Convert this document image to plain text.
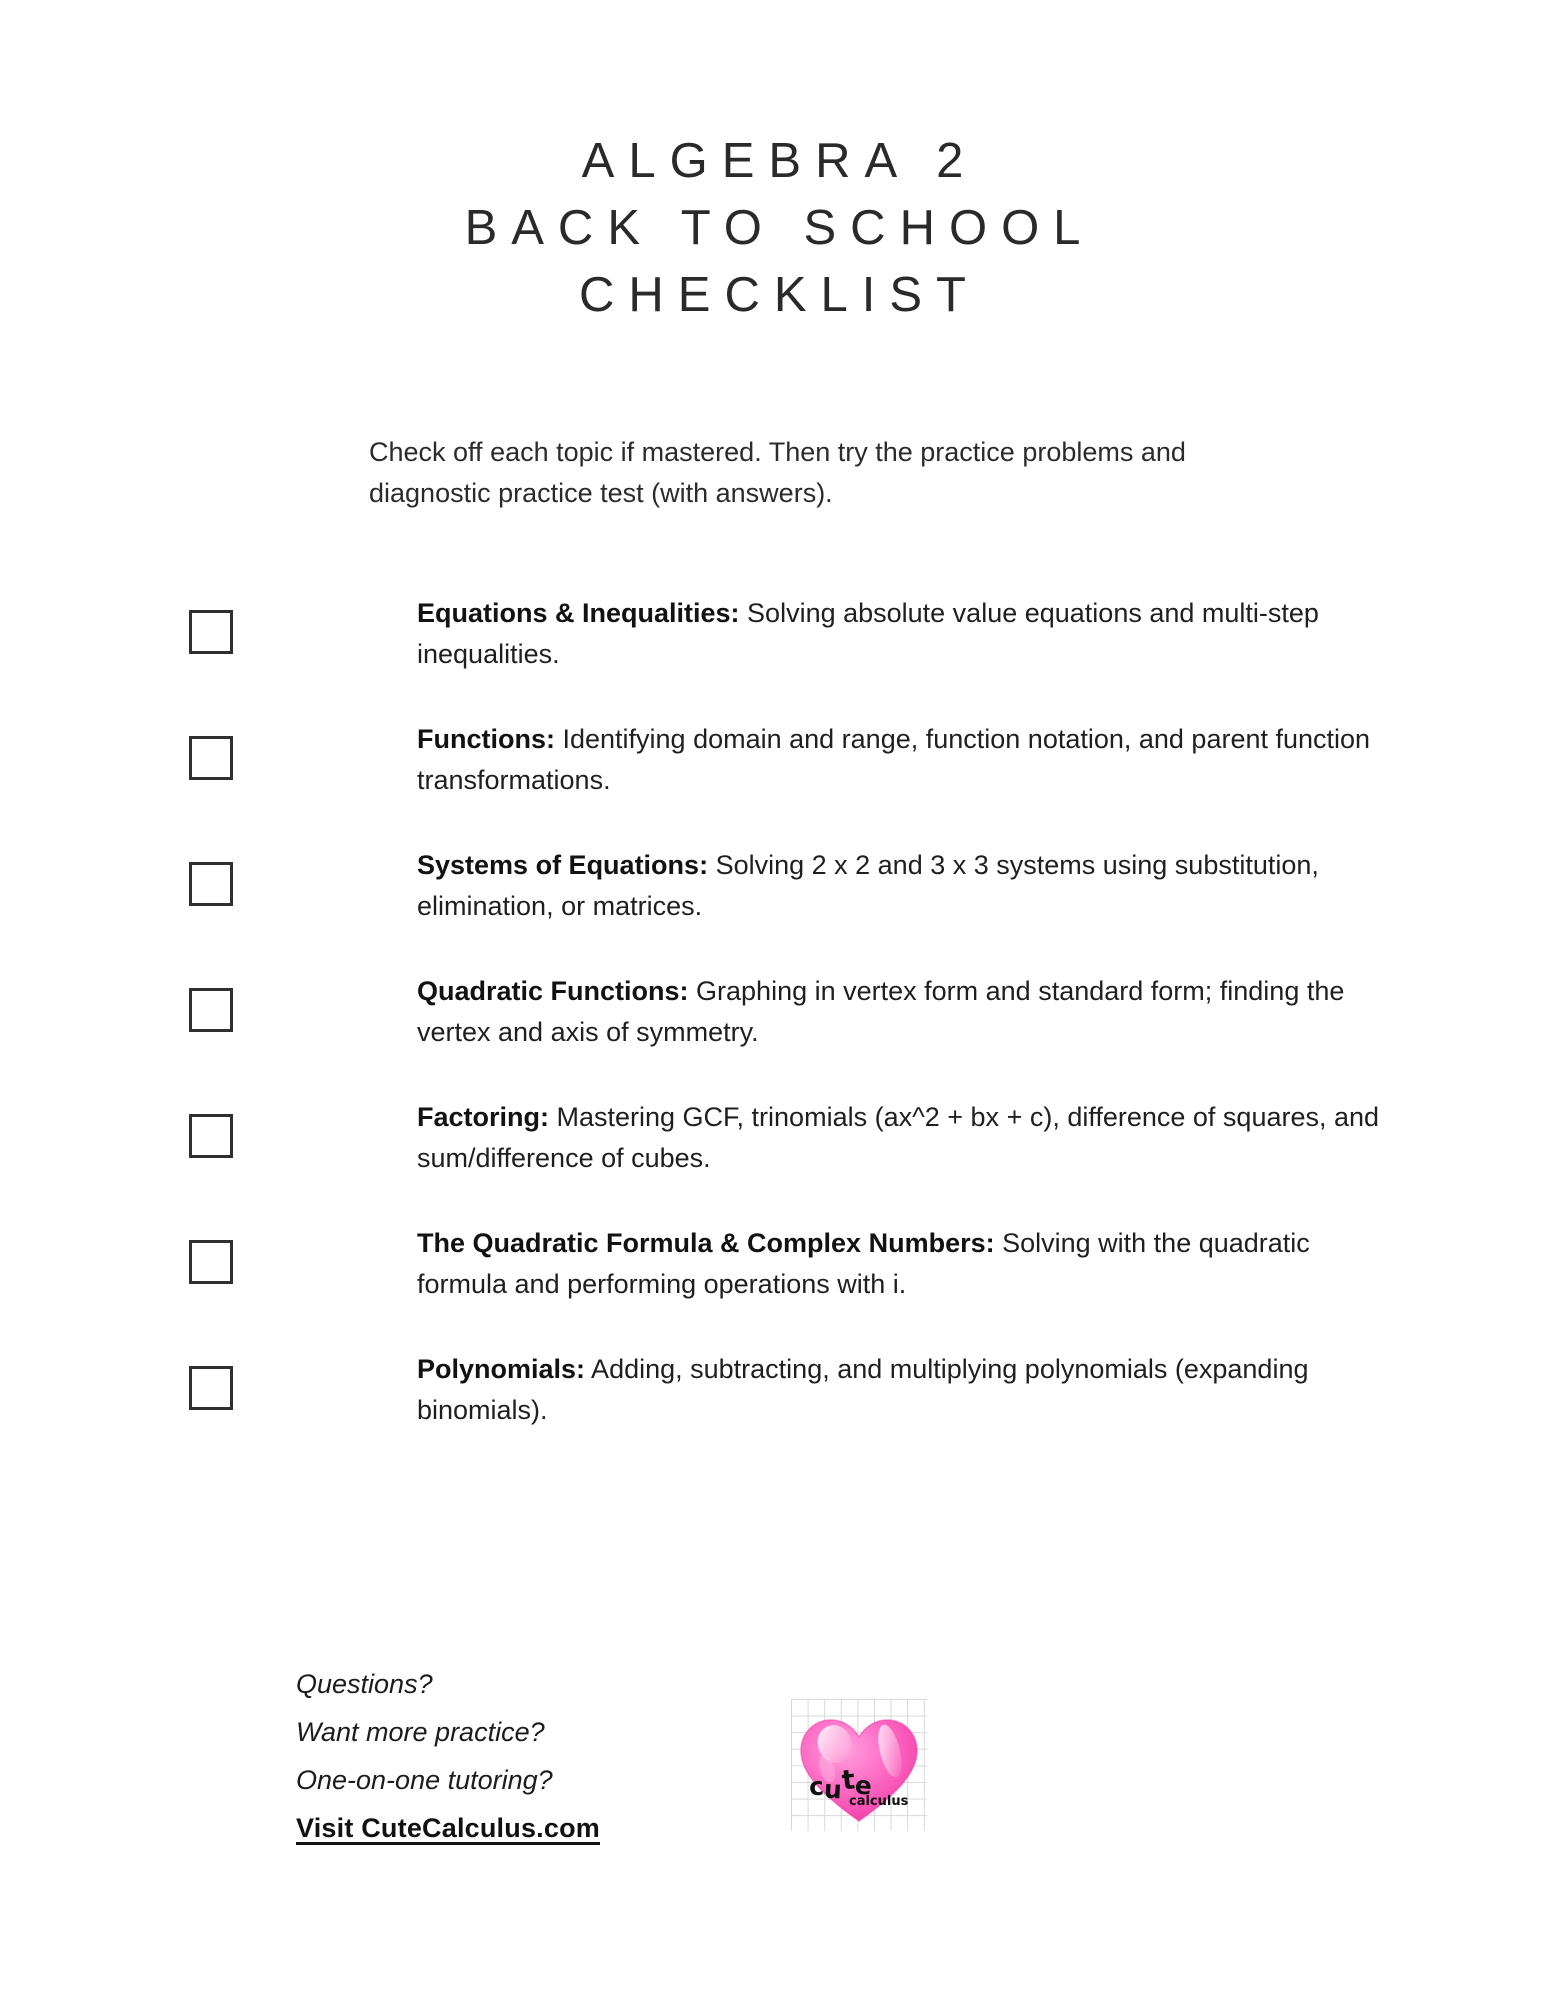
ALGEBRA 2
BACK TO SCHOOL
CHECKLIST
Check off each topic if mastered. Then try the practice problems and diagnostic practice test (with answers).
Equations & Inequalities: Solving absolute value equations and multi-step inequalities.
Functions: Identifying domain and range, function notation, and parent function transformations.
Systems of Equations: Solving 2 x 2 and 3 x 3 systems using substitution, elimination, or matrices.
Quadratic Functions: Graphing in vertex form and standard form; finding the vertex and axis of symmetry.
Factoring: Mastering GCF, trinomials (ax^2 + bx + c), difference of squares, and sum/difference of cubes.
The Quadratic Formula & Complex Numbers: Solving with the quadratic formula and performing operations with i.
Polynomials: Adding, subtracting, and multiplying polynomials (expanding binomials).
Questions?
Want more practice?
One-on-one tutoring?
Visit CuteCalculus.com
cute
calculus
